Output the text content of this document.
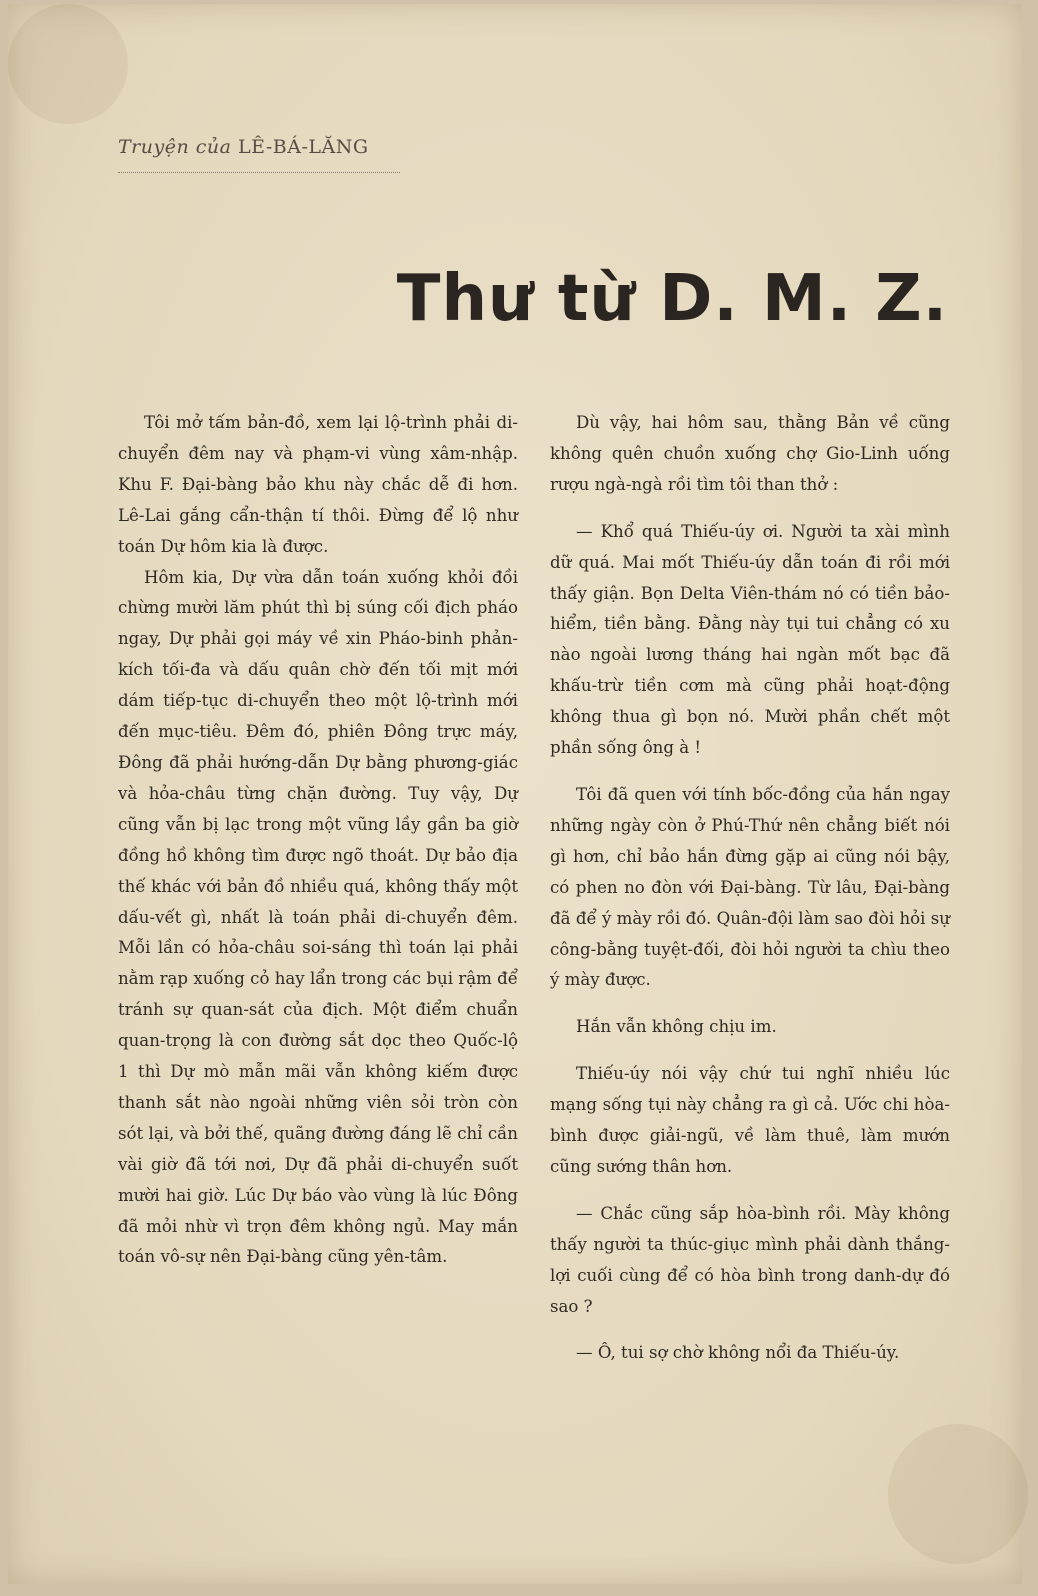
Truyện của LÊ-BÁ-LĂNG
Thư từ D. M. Z.

Tôi mở tấm bản-đồ, xem lại lộ-trình phải di-chuyển đêm nay và phạm-vi vùng xâm-nhập. Khu F. Đại-bàng bảo khu này chắc dễ đi hơn. Lê-Lai gắng cẩn-thận tí thôi. Đừng để lộ như toán Dự hôm kia là được.

Hôm kia, Dự vừa dẫn toán xuống khỏi đồi chừng mười lăm phút thì bị súng cối địch pháo ngay, Dự phải gọi máy về xin Pháo-binh phản-kích tối-đa và dấu quân chờ đến tối mịt mới dám tiếp-tục di-chuyển theo một lộ-trình mới đến mục-tiêu. Đêm đó, phiên Đông trực máy, Đông đã phải hướng-dẫn Dự bằng phương-giác và hỏa-châu từng chặn đường. Tuy vậy, Dự cũng vẫn bị lạc trong một vũng lầy gần ba giờ đồng hồ không tìm được ngõ thoát. Dự bảo địa thế khác với bản đồ nhiều quá, không thấy một dấu-vết gì, nhất là toán phải di-chuyển đêm. Mỗi lần có hỏa-châu soi-sáng thì toán lại phải nằm rạp xuống cỏ hay lẩn trong các bụi rậm để tránh sự quan-sát của địch. Một điểm chuẩn quan-trọng là con đường sắt dọc theo Quốc-lộ 1 thì Dự mò mẫn mãi vẫn không kiếm được thanh sắt nào ngoài những viên sỏi tròn còn sót lại, và bởi thế, quãng đường đáng lẽ chỉ cần vài giờ đã tới nơi, Dự đã phải di-chuyển suốt mười hai giờ. Lúc Dự báo vào vùng là lúc Đông đã mỏi nhừ vì trọn đêm không ngủ. May mắn toán vô-sự nên Đại-bàng cũng yên-tâm.

Dù vậy, hai hôm sau, thằng Bản về cũng không quên chuồn xuống chợ Gio-Linh uống rượu ngà-ngà rồi tìm tôi than thở :

— Khổ quá Thiếu-úy ơi. Người ta xài mình dữ quá. Mai mốt Thiếu-úy dẫn toán đi rồi mới thấy giận. Bọn Delta Viên-thám nó có tiền bảo-hiểm, tiền bằng. Đằng này tụi tui chẳng có xu nào ngoài lương tháng hai ngàn mốt bạc đã khấu-trừ tiền cơm mà cũng phải hoạt-động không thua gì bọn nó. Mười phần chết một phần sống ông à !

Tôi đã quen với tính bốc-đồng của hắn ngay những ngày còn ở Phú-Thứ nên chẳng biết nói gì hơn, chỉ bảo hắn đừng gặp ai cũng nói bậy, có phen no đòn với Đại-bàng. Từ lâu, Đại-bàng đã để ý mày rồi đó. Quân-đội làm sao đòi hỏi sự công-bằng tuyệt-đối, đòi hỏi người ta chìu theo ý mày được.

Hắn vẫn không chịu im.

Thiếu-úy nói vậy chứ tui nghĩ nhiều lúc mạng sống tụi này chẳng ra gì cả. Ước chi hòa-bình được giải-ngũ, về làm thuê, làm mướn cũng sướng thân hơn.

— Chắc cũng sắp hòa-bình rồi. Mày không thấy người ta thúc-giục mình phải dành thắng-lợi cuối cùng để có hòa bình trong danh-dự đó sao ?

— Ô, tui sợ chờ không nổi đa Thiếu-úy.
